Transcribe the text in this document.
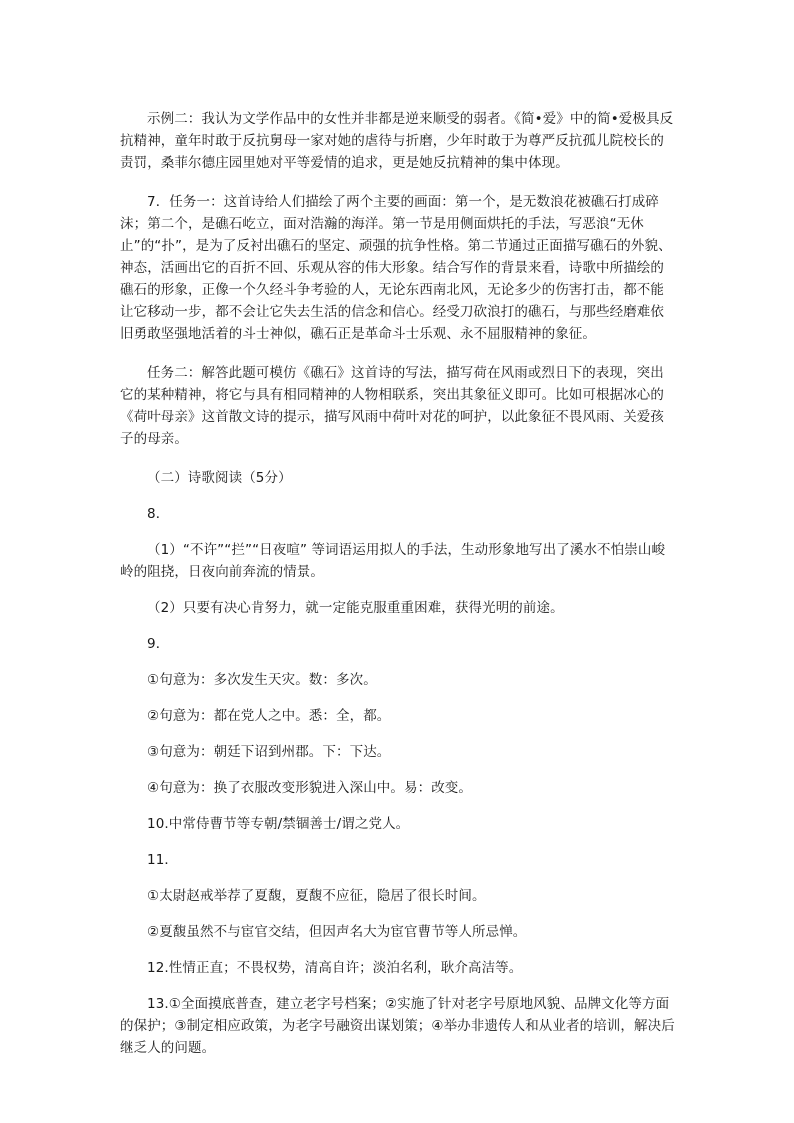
示例二：我认为文学作品中的女性并非都是逆来顺受的弱者。《简•爱》中的简•爱极具反抗精神，童年时敢于反抗舅母一家对她的虐待与折磨，少年时敢于为尊严反抗孤儿院校长的责罚，桑菲尔德庄园里她对平等爱情的追求，更是她反抗精神的集中体现。

7．任务一：这首诗给人们描绘了两个主要的画面：第一个，是无数浪花被礁石打成碎沫；第二个，是礁石屹立，面对浩瀚的海洋。第一节是用侧面烘托的手法，写恶浪“无休止”的“扑”，是为了反衬出礁石的坚定、顽强的抗争性格。第二节通过正面描写礁石的外貌、神态，活画出它的百折不回、乐观从容的伟大形象。结合写作的背景来看，诗歌中所描绘的礁石的形象，正像一个久经斗争考验的人，无论东西南北风，无论多少的伤害打击，都不能让它移动一步，都不会让它失去生活的信念和信心。经受刀砍浪打的礁石，与那些经磨难依旧勇敢坚强地活着的斗士神似，礁石正是革命斗士乐观、永不屈服精神的象征。

任务二：解答此题可模仿《礁石》这首诗的写法，描写荷在风雨或烈日下的表现，突出它的某种精神，将它与具有相同精神的人物相联系，突出其象征义即可。比如可根据冰心的《荷叶母亲》这首散文诗的提示，描写风雨中荷叶对花的呵护，以此象征不畏风雨、关爱孩子的母亲。

（二）诗歌阅读（5分）

8．

（1）“不许”“拦”“日夜喧” 等词语运用拟人的手法，生动形象地写出了溪水不怕崇山峻岭的阻挠，日夜向前奔流的情景。

（2）只要有决心肯努力，就一定能克服重重困难，获得光明的前途。

9．

①句意为：多次发生天灾。数：多次。

②句意为：都在党人之中。悉：全，都。

③句意为：朝廷下诏到州郡。下：下达。

④句意为：换了衣服改变形貌进入深山中。易：改变。

10.中常侍曹节等专朝/禁锢善士/谓之党人。

11．

①太尉赵戒举荐了夏馥，夏馥不应征，隐居了很长时间。

②夏馥虽然不与宦官交结，但因声名大为宦官曹节等人所忌惮。

12.性情正直；不畏权势，清高自许；淡泊名利，耿介高洁等。

13.①全面摸底普查，建立老字号档案；②实施了针对老字号原地风貌、品牌文化等方面的保护；③制定相应政策，为老字号融资出谋划策；④举办非遗传人和从业者的培训，解决后继乏人的问题。
